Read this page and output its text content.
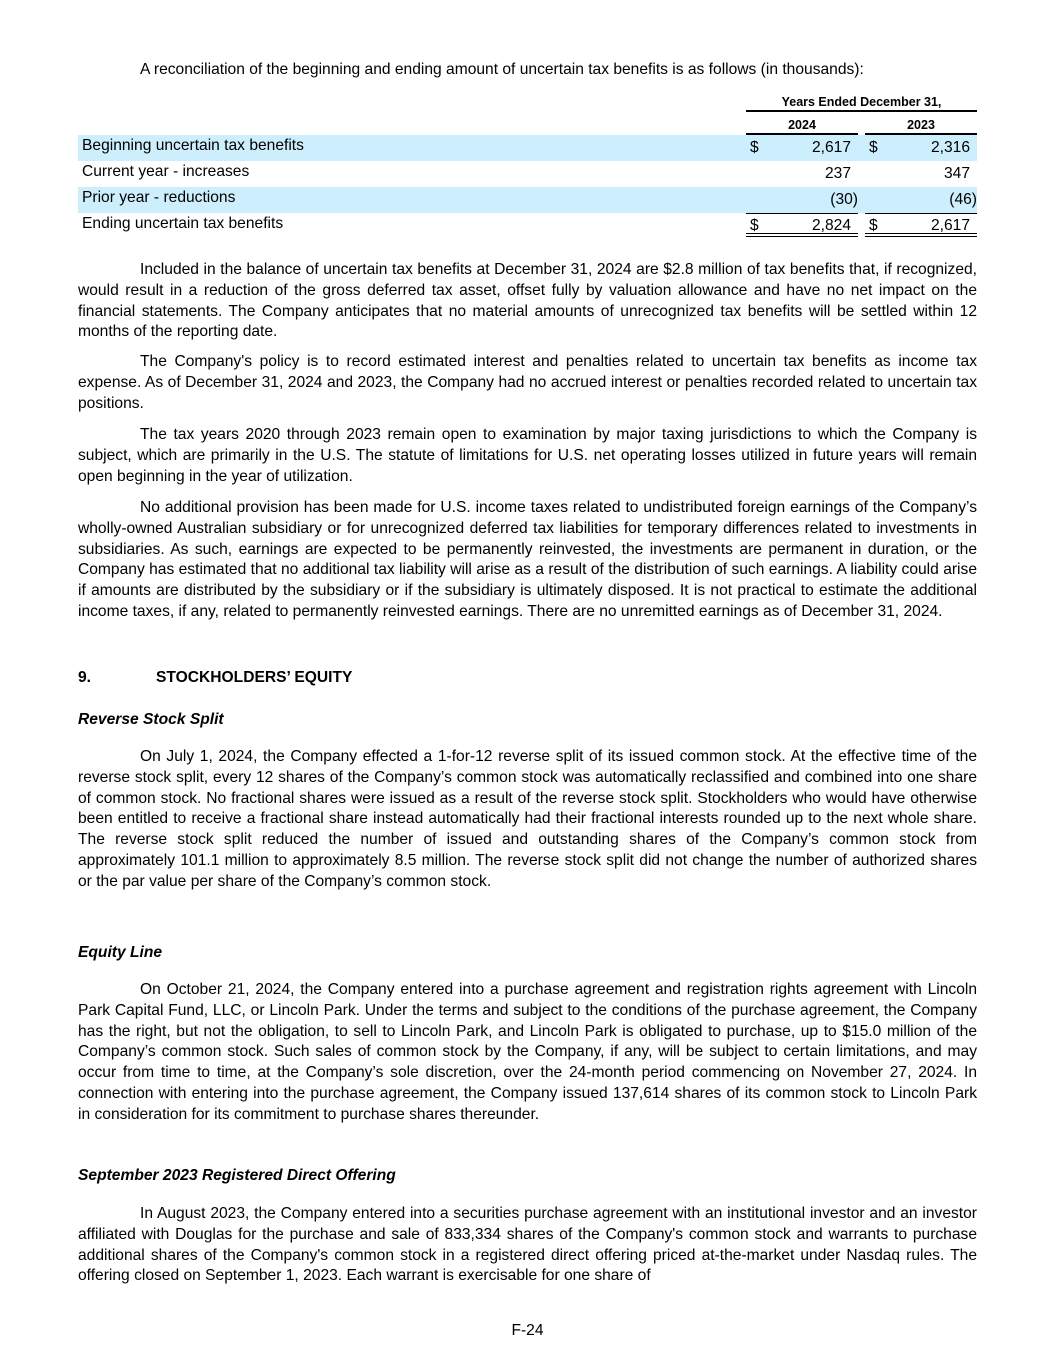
A reconciliation of the beginning and ending amount of uncertain tax benefits is as follows (in thousands):
Years Ended December 31,
2024	2023
Beginning uncertain tax benefits	$	2,617 $	2,316
Current year - increases	237	347
Prior year - reductions	(30)	(46)
Ending uncertain tax benefits	$	2,824 $	2,617

Included in the balance of uncertain tax benefits at December 31, 2024 are $2.8 million of tax benefits that, if recognized, would result in a reduction of the gross deferred tax asset, offset fully by valuation allowance and have no net impact on the financial statements. The Company anticipates that no material amounts of unrecognized tax benefits will be settled within 12 months of the reporting date.

The Company's policy is to record estimated interest and penalties related to uncertain tax benefits as income tax expense. As of December 31, 2024 and 2023, the Company had no accrued interest or penalties recorded related to uncertain tax positions.

The tax years 2020 through 2023 remain open to examination by major taxing jurisdictions to which the Company is subject, which are primarily in the U.S. The statute of limitations for U.S. net operating losses utilized in future years will remain open beginning in the year of utilization.

No additional provision has been made for U.S. income taxes related to undistributed foreign earnings of the Company’s wholly-owned Australian subsidiary or for unrecognized deferred tax liabilities for temporary differences related to investments in subsidiaries. As such, earnings are expected to be permanently reinvested, the investments are permanent in duration, or the Company has estimated that no additional tax liability will arise as a result of the distribution of such earnings. A liability could arise if amounts are distributed by the subsidiary or if the subsidiary is ultimately disposed. It is not practical to estimate the additional income taxes, if any, related to permanently reinvested earnings. There are no unremitted earnings as of December 31, 2024.

9.	STOCKHOLDERS’ EQUITY
Reverse Stock Split

On July 1, 2024, the Company effected a 1-for-12 reverse split of its issued common stock. At the effective time of the reverse stock split, every 12 shares of the Company’s common stock was automatically reclassified and combined into one share of common stock. No fractional shares were issued as a result of the reverse stock split. Stockholders who would have otherwise been entitled to receive a fractional share instead automatically had their fractional interests rounded up to the next whole share. The reverse stock split reduced the number of issued and outstanding shares of the Company’s common stock from approximately 101.1 million to approximately 8.5 million. The reverse stock split did not change the number of authorized shares or the par value per share of the Company’s common stock.

Equity Line

On October 21, 2024, the Company entered into a purchase agreement and registration rights agreement with Lincoln Park Capital Fund, LLC, or Lincoln Park. Under the terms and subject to the conditions of the purchase agreement, the Company has the right, but not the obligation, to sell to Lincoln Park, and Lincoln Park is obligated to purchase, up to $15.0 million of the Company’s common stock. Such sales of common stock by the Company, if any, will be subject to certain limitations, and may occur from time to time, at the Company’s sole discretion, over the 24-month period commencing on November 27, 2024. In connection with entering into the purchase agreement, the Company issued 137,614 shares of its common stock to Lincoln Park in consideration for its commitment to purchase shares thereunder.

September 2023 Registered Direct Offering

In August 2023, the Company entered into a securities purchase agreement with an institutional investor and an investor affiliated with Douglas for the purchase and sale of 833,334 shares of the Company's common stock and warrants to purchase additional shares of the Company's common stock in a registered direct offering priced at-the-market under Nasdaq rules. The offering closed on September 1, 2023. Each warrant is exercisable for one share of

F-24
